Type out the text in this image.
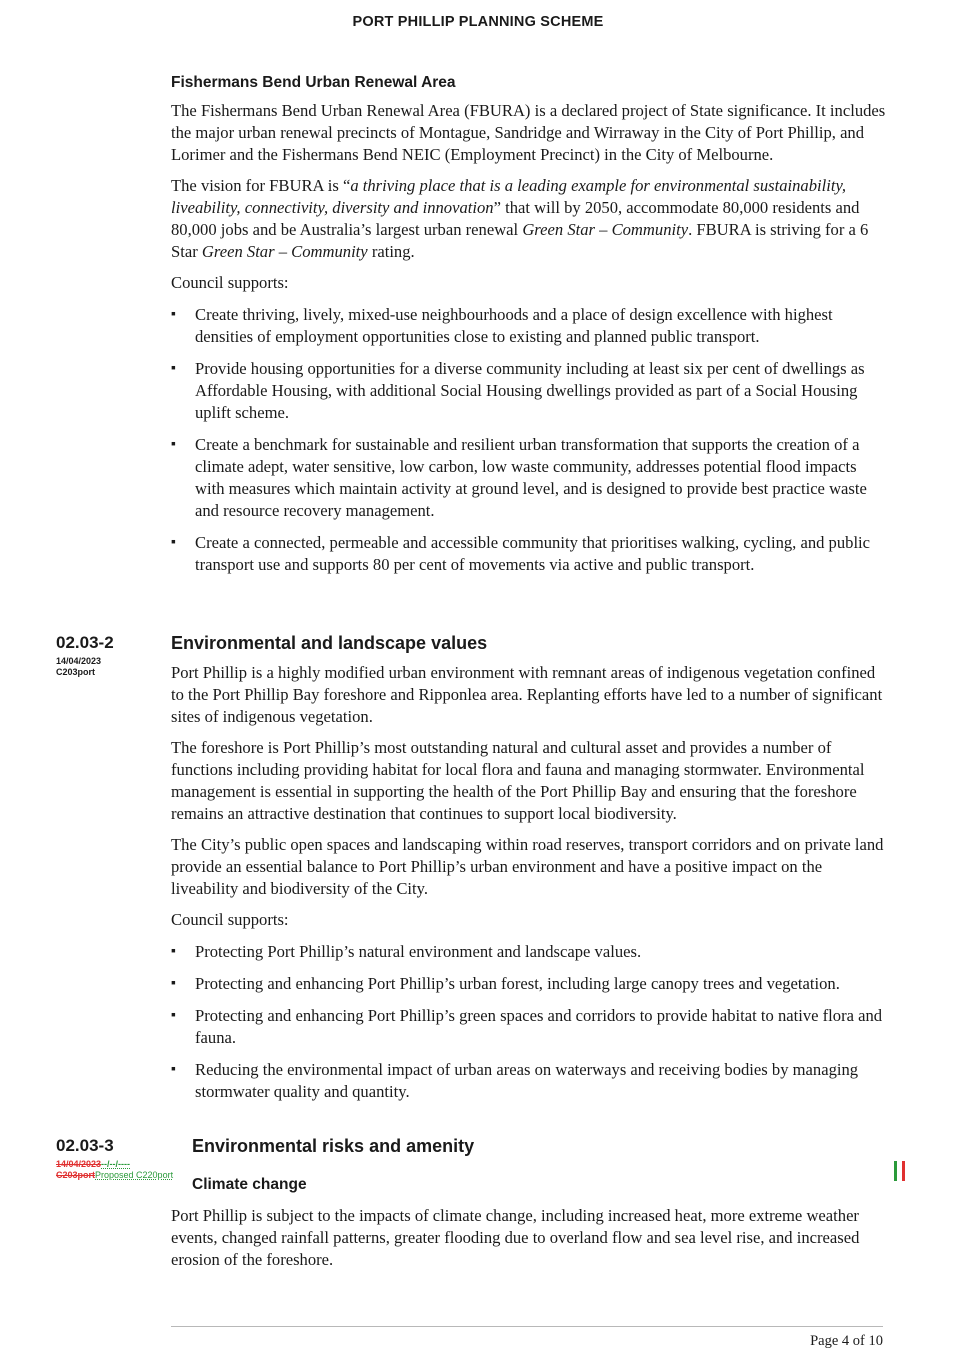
PORT PHILLIP PLANNING SCHEME
Fishermans Bend Urban Renewal Area

The Fishermans Bend Urban Renewal Area (FBURA) is a declared project of State significance. It includes the major urban renewal precincts of Montague, Sandridge and Wirraway in the City of Port Phillip, and Lorimer and the Fishermans Bend NEIC (Employment Precinct) in the City of Melbourne.

The vision for FBURA is “a thriving place that is a leading example for environmental sustainability, liveability, connectivity, diversity and innovation” that will by 2050, accommodate 80,000 residents and 80,000 jobs and be Australia’s largest urban renewal Green Star – Community. FBURA is striving for a 6 Star Green Star – Community rating.

Council supports:

▪ Create thriving, lively, mixed-use neighbourhoods and a place of design excellence with highest densities of employment opportunities close to existing and planned public transport.
▪ Provide housing opportunities for a diverse community including at least six per cent of dwellings as Affordable Housing, with additional Social Housing dwellings provided as part of a Social Housing uplift scheme.
▪ Create a benchmark for sustainable and resilient urban transformation that supports the creation of a climate adept, water sensitive, low carbon, low waste community, addresses potential flood impacts with measures which maintain activity at ground level, and is designed to provide best practice waste and resource recovery management.
▪ Create a connected, permeable and accessible community that prioritises walking, cycling, and public transport use and supports 80 per cent of movements via active and public transport.
02.03-2
14/04/2023
C203port
Environmental and landscape values

Port Phillip is a highly modified urban environment with remnant areas of indigenous vegetation confined to the Port Phillip Bay foreshore and Ripponlea area. Replanting efforts have led to a number of significant sites of indigenous vegetation.

The foreshore is Port Phillip’s most outstanding natural and cultural asset and provides a number of functions including providing habitat for local flora and fauna and managing stormwater. Environmental management is essential in supporting the health of the Port Phillip Bay and ensuring that the foreshore remains an attractive destination that continues to support local biodiversity.

The City’s public open spaces and landscaping within road reserves, transport corridors and on private land provide an essential balance to Port Phillip’s urban environment and have a positive impact on the liveability and biodiversity of the City.

Council supports:

▪ Protecting Port Phillip’s natural environment and landscape values.
▪ Protecting and enhancing Port Phillip’s urban forest, including large canopy trees and vegetation.
▪ Protecting and enhancing Port Phillip’s green spaces and corridors to provide habitat to native flora and fauna.
▪ Reducing the environmental impact of urban areas on waterways and receiving bodies by managing stormwater quality and quantity.
02.03-3
14/04/2023--/--/----
C203portProposed C220port
Environmental risks and amenity
Climate change

Port Phillip is subject to the impacts of climate change, including increased heat, more extreme weather events, changed rainfall patterns, greater flooding due to overland flow and sea level rise, and increased erosion of the foreshore.

Page 4 of 10
